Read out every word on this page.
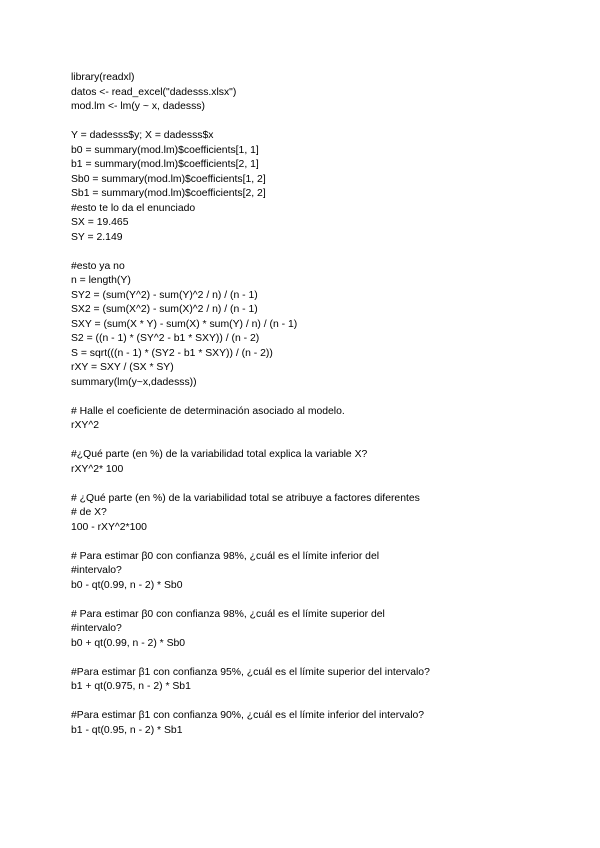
library(readxl)
datos <- read_excel("dadesss.xlsx")
mod.lm <- lm(y ~ x, dadesss)
Y = dadesss$y; X = dadesss$x
b0 = summary(mod.lm)$coefficients[1, 1]
b1 = summary(mod.lm)$coefficients[2, 1]
Sb0 = summary(mod.lm)$coefficients[1, 2]
Sb1 = summary(mod.lm)$coefficients[2, 2]
#esto te lo da el enunciado
SX = 19.465
SY = 2.149
#esto ya no
n = length(Y)
SY2 = (sum(Y^2) - sum(Y)^2 / n) / (n - 1)
SX2 = (sum(X^2) - sum(X)^2 / n) / (n - 1)
SXY = (sum(X * Y) - sum(X) * sum(Y) / n) / (n - 1)
S2 = ((n - 1) * (SY^2 - b1 * SXY)) / (n - 2)
S = sqrt(((n - 1) * (SY2 - b1 * SXY)) / (n - 2))
rXY = SXY / (SX * SY)
summary(lm(y~x,dadesss))
# Halle el coeficiente de determinación asociado al modelo.
rXY^2
#¿Qué parte (en %) de la variabilidad total explica la variable X?
rXY^2* 100
# ¿Qué parte (en %) de la variabilidad total se atribuye a factores diferentes
# de X?
100 - rXY^2*100
# Para estimar β0 con confianza 98%, ¿cuál es el límite inferior del
#intervalo?
b0 - qt(0.99, n - 2) * Sb0
# Para estimar β0 con confianza 98%, ¿cuál es el límite superior del
#intervalo?
b0 + qt(0.99, n - 2) * Sb0
#Para estimar β1 con confianza 95%, ¿cuál es el límite superior del intervalo?
b1 + qt(0.975, n - 2) * Sb1
#Para estimar β1 con confianza 90%, ¿cuál es el límite inferior del intervalo?
b1 - qt(0.95, n - 2) * Sb1
